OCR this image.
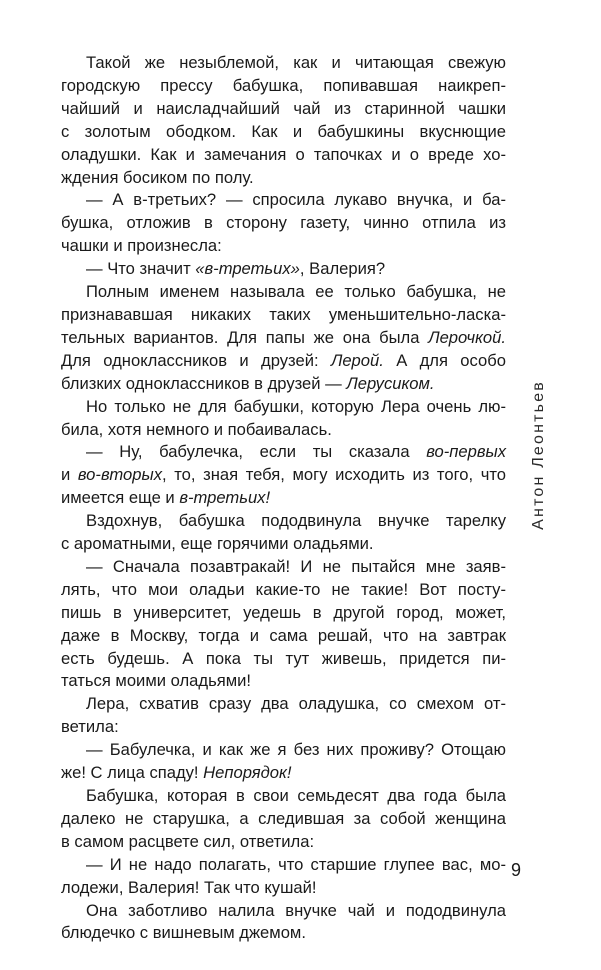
Такой же незыблемой, как и читающая свежую
городскую прессу бабушка, попивавшая наикреп-
чайший и наисладчайший чай из старинной чашки
с золотым ободком. Как и бабушкины вкуснющие
оладушки. Как и замечания о тапочках и о вреде хо-
ждения босиком по полу.
— А в-третьих? — спросила лукаво внучка, и ба-
бушка, отложив в сторону газету, чинно отпила из
чашки и произнесла:
— Что значит «в-третьих», Валерия?
Полным именем называла ее только бабушка, не
признававшая никаких таких уменьшительно-ласка-
тельных вариантов. Для папы же она была Лерочкой.
Для одноклассников и друзей: Лерой. А для особо
близких одноклассников в друзей — Лерусиком.
Но только не для бабушки, которую Лера очень лю-
била, хотя немного и побаивалась.
— Ну, бабулечка, если ты сказала во-первых
и во-вторых, то, зная тебя, могу исходить из того, что
имеется еще и в-третьих!
Вздохнув, бабушка пододвинула внучке тарелку
с ароматными, еще горячими оладьями.
— Сначала позавтракай! И не пытайся мне заяв-
лять, что мои оладьи какие-то не такие! Вот посту-
пишь в университет, уедешь в другой город, может,
даже в Москву, тогда и сама решай, что на завтрак
есть будешь. А пока ты тут живешь, придется пи-
таться моими оладьями!
Лера, схватив сразу два оладушка, со смехом от-
ветила:
— Бабулечка, и как же я без них проживу? Отощаю
же! С лица спаду! Непорядок!
Бабушка, которая в свои семьдесят два года была
далеко не старушка, а следившая за собой женщина
в самом расцвете сил, ответила:
— И не надо полагать, что старшие глупее вас, мо-
лодежи, Валерия! Так что кушай!
Она заботливо налила внучке чай и пододвинула
блюдечко с вишневым джемом.
Антон Леонтьев
9
